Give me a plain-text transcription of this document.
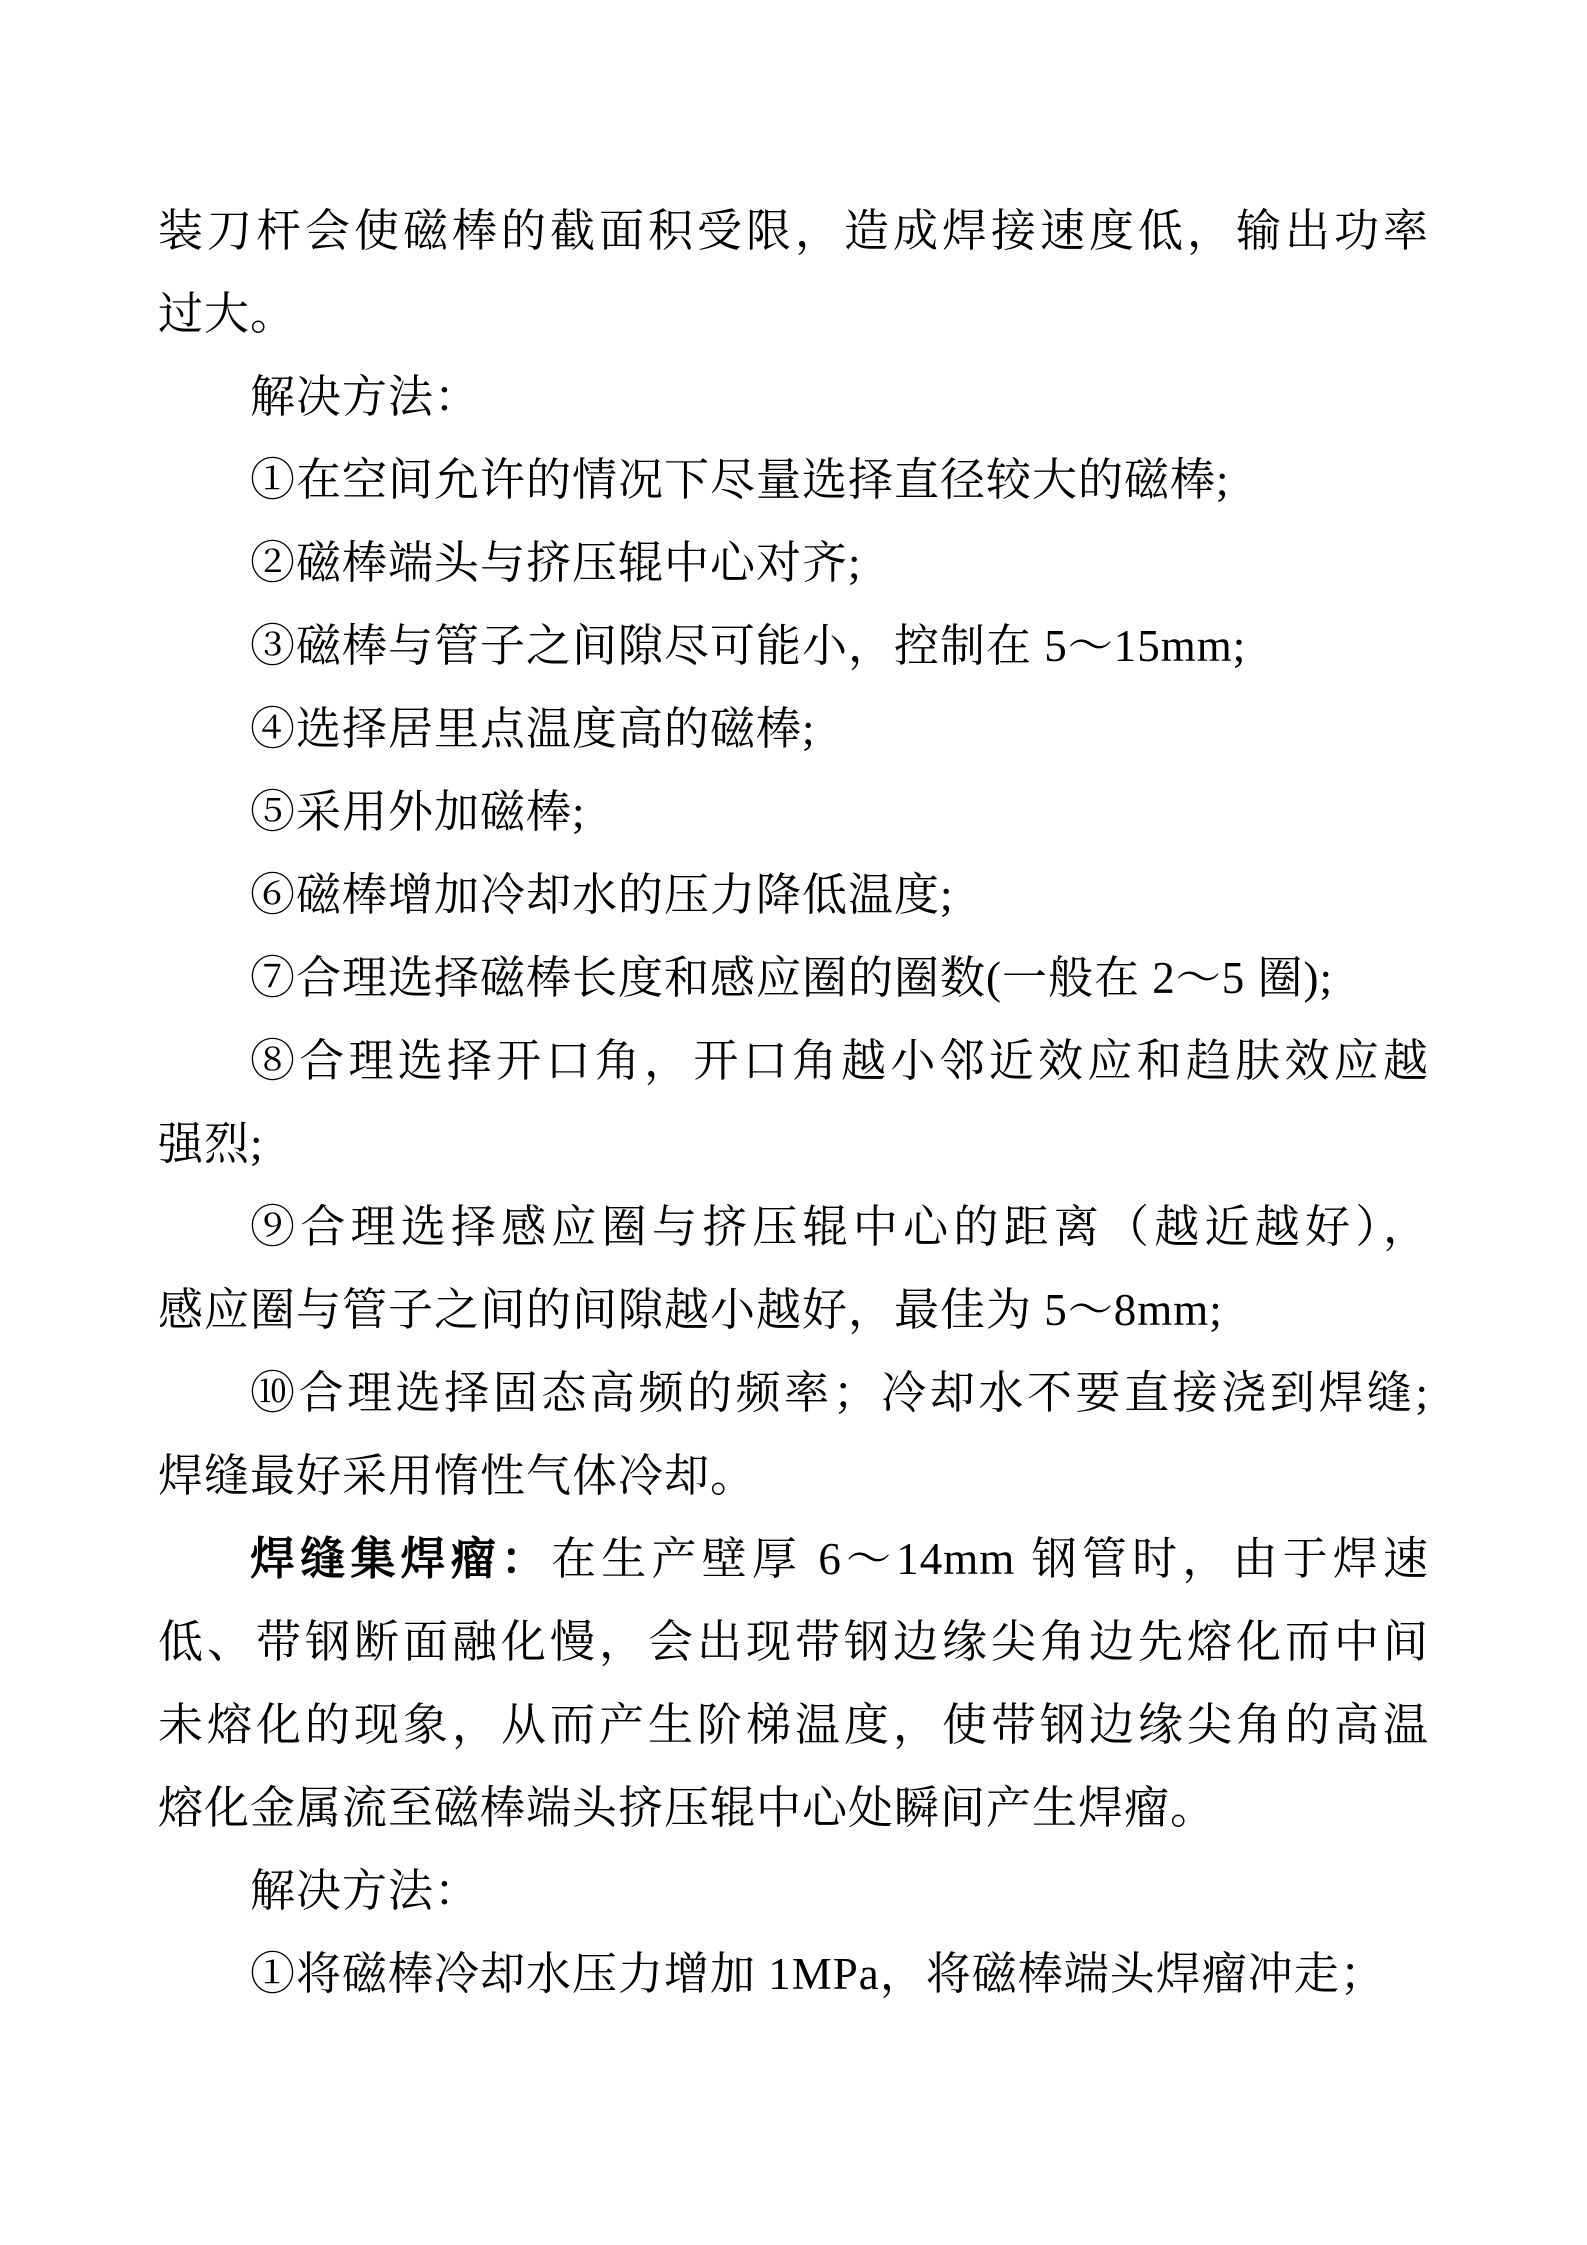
装刀杆会使磁棒的截面积受限，造成焊接速度低，输出功率
过大。
解决方法：
①在空间允许的情况下尽量选择直径较大的磁棒;
②磁棒端头与挤压辊中心对齐;
③磁棒与管子之间隙尽可能小，控制在 5～15mm;
④选择居里点温度高的磁棒;
⑤采用外加磁棒;
⑥磁棒增加冷却水的压力降低温度;
⑦合理选择磁棒长度和感应圈的圈数(一般在 2～5 圈);
⑧合理选择开口角，开口角越小邻近效应和趋肤效应越
强烈;
⑨合理选择感应圈与挤压辊中心的距离（越近越好），
感应圈与管子之间的间隙越小越好，最佳为 5～8mm;
⑩合理选择固态高频的频率；冷却水不要直接浇到焊缝;
焊缝最好采用惰性气体冷却。
焊缝集焊瘤：在生产壁厚 6～14mm 钢管时，由于焊速
低、带钢断面融化慢，会出现带钢边缘尖角边先熔化而中间
未熔化的现象，从而产生阶梯温度，使带钢边缘尖角的高温
熔化金属流至磁棒端头挤压辊中心处瞬间产生焊瘤。
解决方法：
①将磁棒冷却水压力增加 1MPa，将磁棒端头焊瘤冲走；
